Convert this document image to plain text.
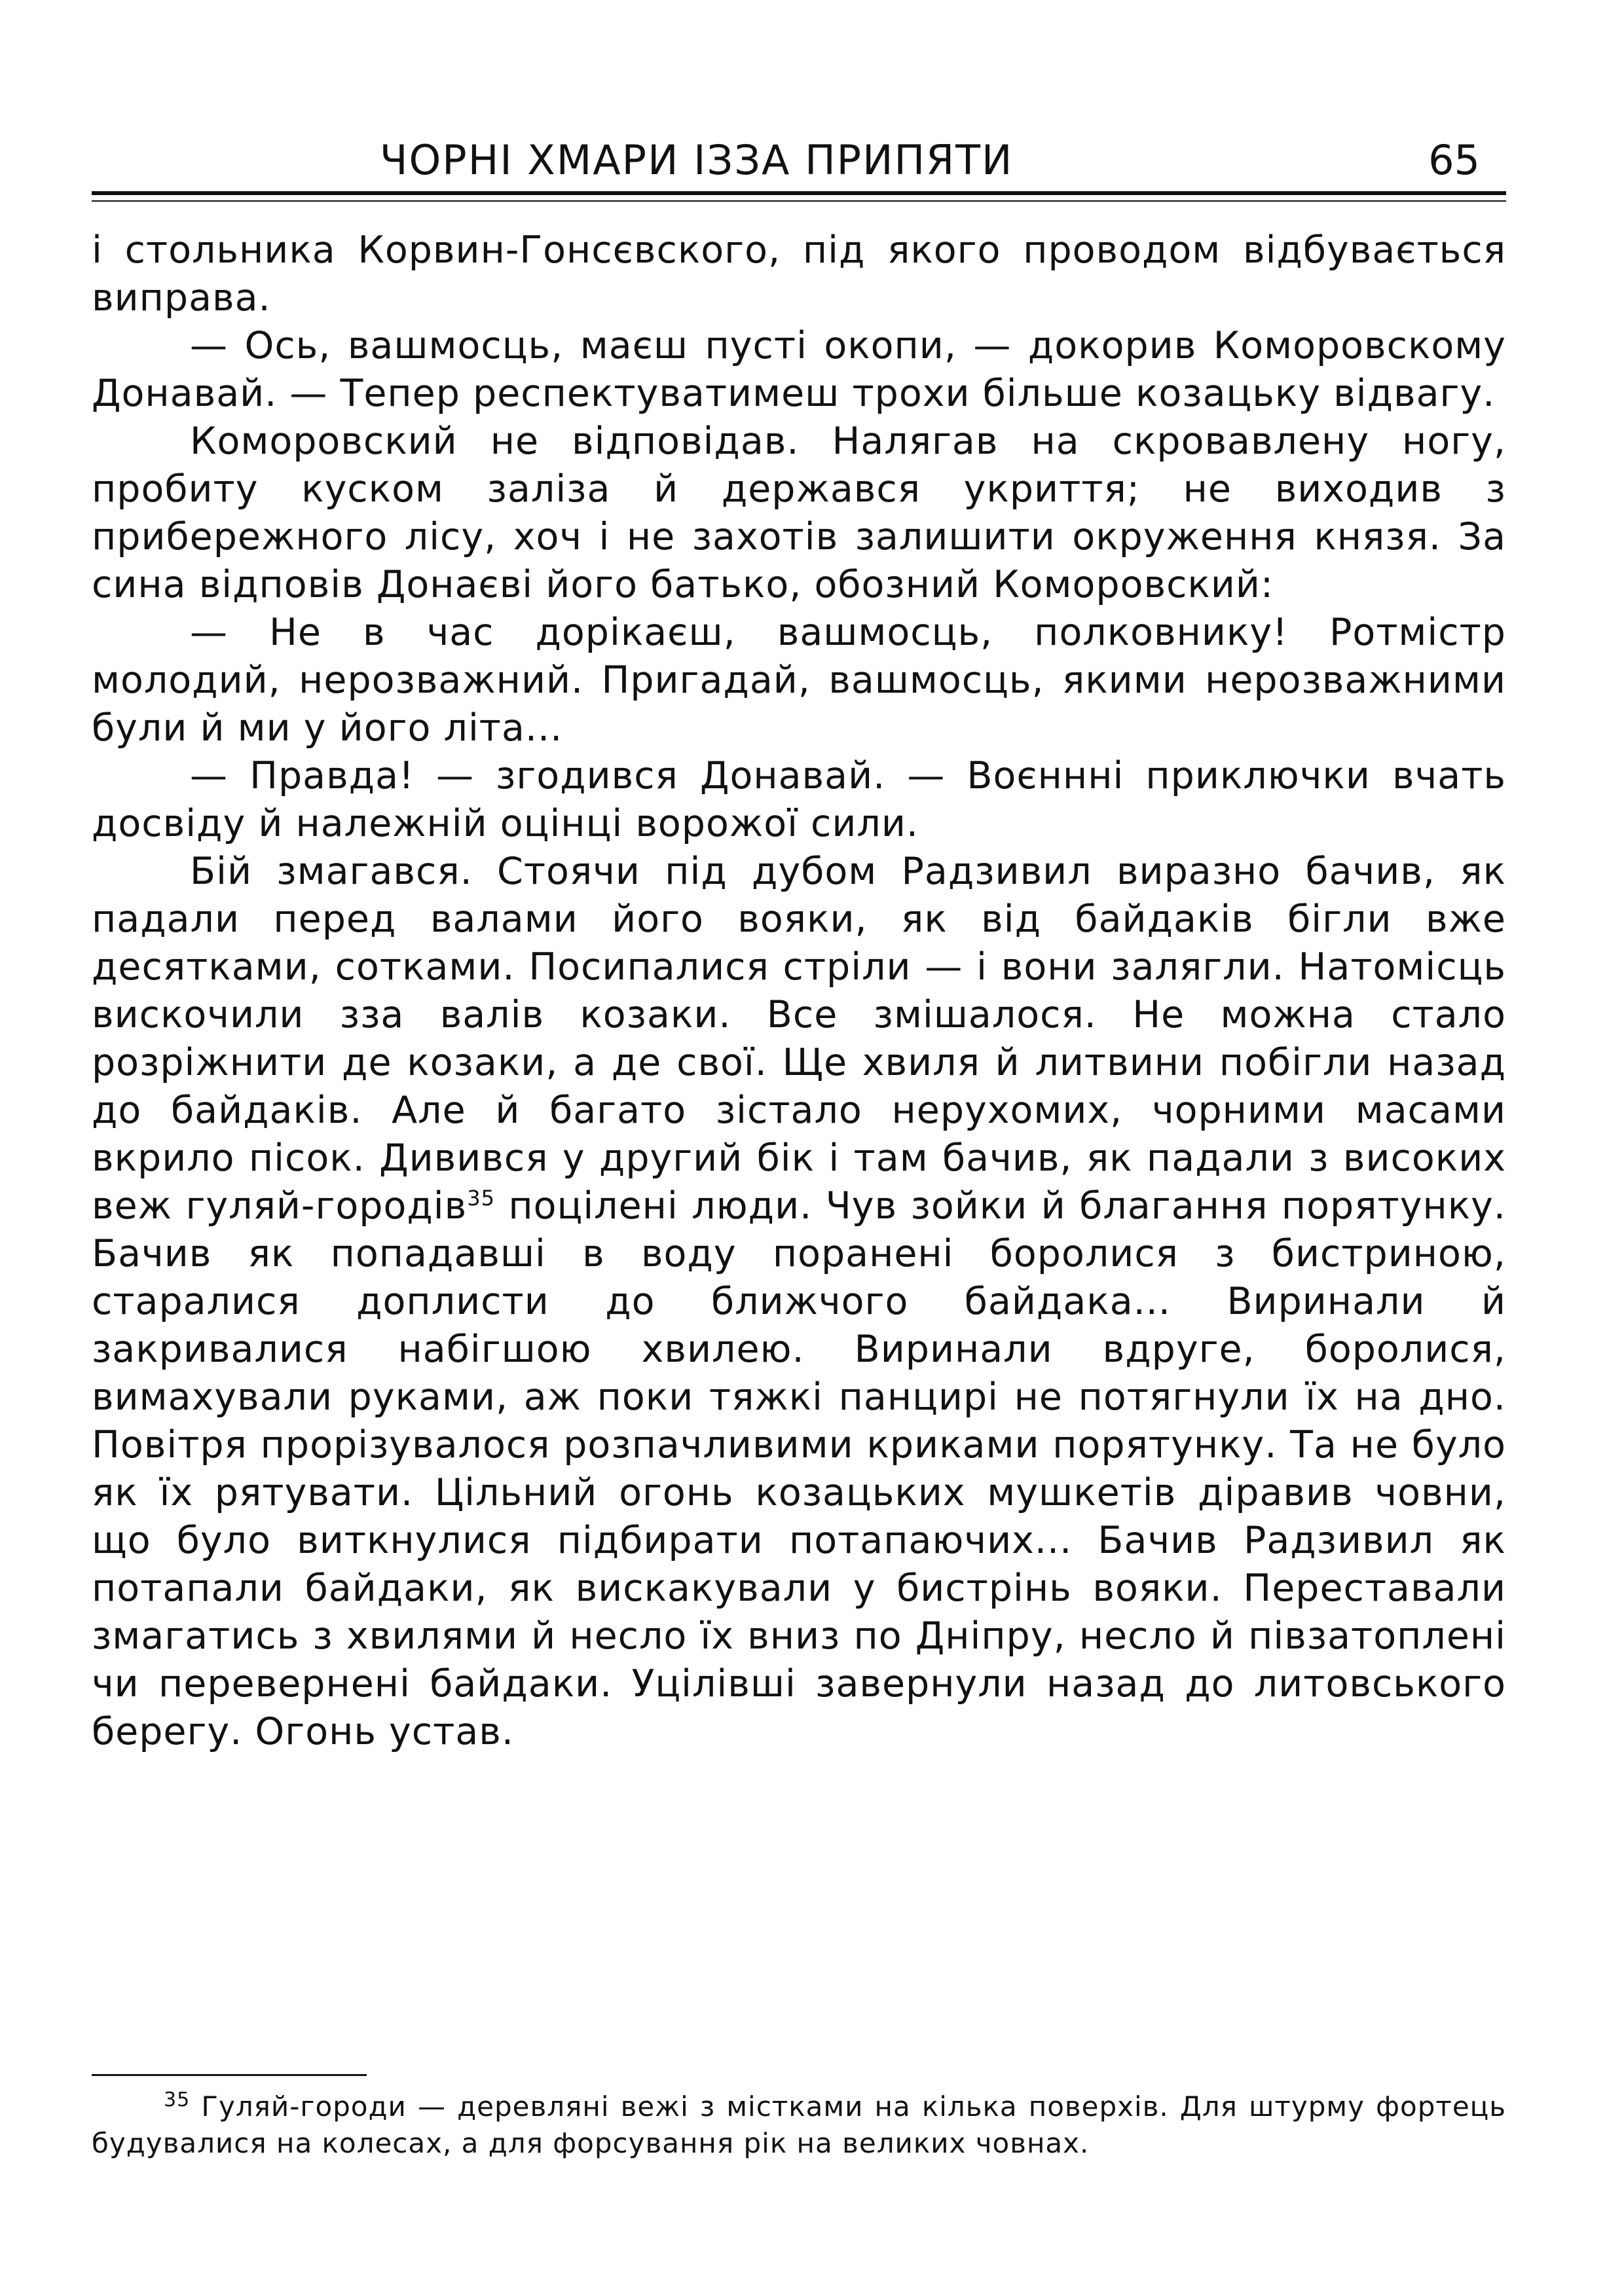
ЧОРНІ ХМАРИ ІЗЗА ПРИПЯТИ	65

і стольника Корвин-Гонсєвского, під якого проводом відбувається виправа.

— Ось, вашмосць, маєш пусті окопи, — докорив Коморовскому Донавай. — Тепер респектуватимеш трохи більше козацьку відвагу.

Коморовский не відповідав. Налягав на скровавлену ногу, пробиту куском заліза й держався укриття; не виходив з прибережного лісу, хоч і не захотів залишити окруження князя. За сина відповів Донаєві його батько, обозний Коморовский:

— Не в час дорікаєш, вашмосць, полковнику! Ротмістр молодий, нерозважний. Пригадай, вашмосць, якими нерозважними були й ми у його літа...

— Правда! — згодився Донавай. — Воєннні приключки вчать досвіду й належній оцінці ворожої сили.

Бій змагався. Стоячи під дубом Радзивил виразно бачив, як падали перед валами його вояки, як від байдаків бігли вже десятками, сотками. Посипалися стріли — і вони залягли. Натомісць вискочили зза валів козаки. Все змішалося. Не можна стало розріжнити де козаки, а де свої. Ще хвиля й литвини побігли назад до байдаків. Але й багато зістало нерухомих, чорними масами вкрило пісок. Дивився у другий бік і там бачив, як падали з високих веж гуляй-городів$^{35}$ поцілені люди. Чув зойки й благання порятунку. Бачив як попадавші в воду поранені боролися з бистриною, старалися доплисти до ближчого байдака... Виринали й закривалися набігшою хвилею. Виринали вдруге, боролися, вимахували руками, аж поки тяжкі панцирі не потягнули їх на дно. Повітря прорізувалося розпачливими криками порятунку. Та не було як їх рятувати. Цільний огонь козацьких мушкетів діравив човни, що було виткнулися підбирати потапаючих... Бачив Радзивил як потапали байдаки, як вискакували у бистрінь вояки. Переставали змагатись з хвилями й несло їх вниз по Дніпру, несло й півзатоплені чи перевернені байдаки. Уцілівші завернули назад до литовського берегу. Огонь устав.

35 Гуляй-городи — деревляні вежі з містками на кілька поверхів. Для штурму фортець будувалися на колесах, а для форсування рік на великих човнах.
